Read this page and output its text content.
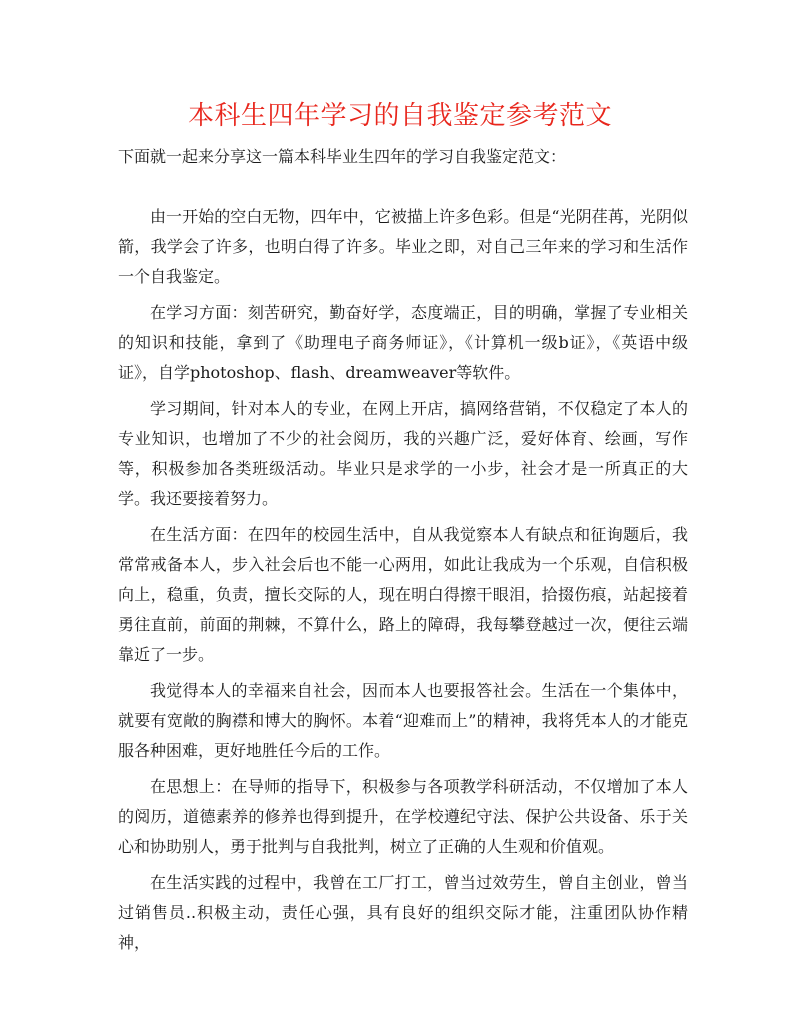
本科生四年学习的自我鉴定参考范文

下面就一起来分享这一篇本科毕业生四年的学习自我鉴定范文：

由一开始的空白无物，四年中，它被描上许多色彩。但是“光阴荏苒，光阴似箭，我学会了许多，也明白得了许多。毕业之即，对自己三年来的学习和生活作一个自我鉴定。

在学习方面：刻苦研究，勤奋好学，态度端正，目的明确，掌握了专业相关的知识和技能，拿到了《助理电子商务师证》，《计算机一级b证》，《英语中级证》，自学photoshop、flash、dreamweaver等软件。

学习期间，针对本人的专业，在网上开店，搞网络营销，不仅稳定了本人的专业知识，也增加了不少的社会阅历，我的兴趣广泛，爱好体育、绘画，写作等，积极参加各类班级活动。毕业只是求学的一小步，社会才是一所真正的大学。我还要接着努力。

在生活方面：在四年的校园生活中，自从我觉察本人有缺点和征询题后，我常常戒备本人，步入社会后也不能一心两用，如此让我成为一个乐观，自信积极向上，稳重，负责，擅长交际的人，现在明白得擦干眼泪，拾掇伤痕，站起接着勇往直前，前面的荆棘，不算什么，路上的障碍，我每攀登越过一次，便往云端靠近了一步。

我觉得本人的幸福来自社会，因而本人也要报答社会。生活在一个集体中，就要有宽敞的胸襟和博大的胸怀。本着“迎难而上”的精神，我将凭本人的才能克服各种困难，更好地胜任今后的工作。

在思想上：在导师的指导下，积极参与各项教学科研活动，不仅增加了本人的阅历，道德素养的修养也得到提升，在学校遵纪守法、保护公共设备、乐于关心和协助别人，勇于批判与自我批判，树立了正确的人生观和价值观。

在生活实践的过程中，我曾在工厂打工，曾当过效劳生，曾自主创业，曾当过销售员..积极主动，责任心强，具有良好的组织交际才能，注重团队协作精神，
